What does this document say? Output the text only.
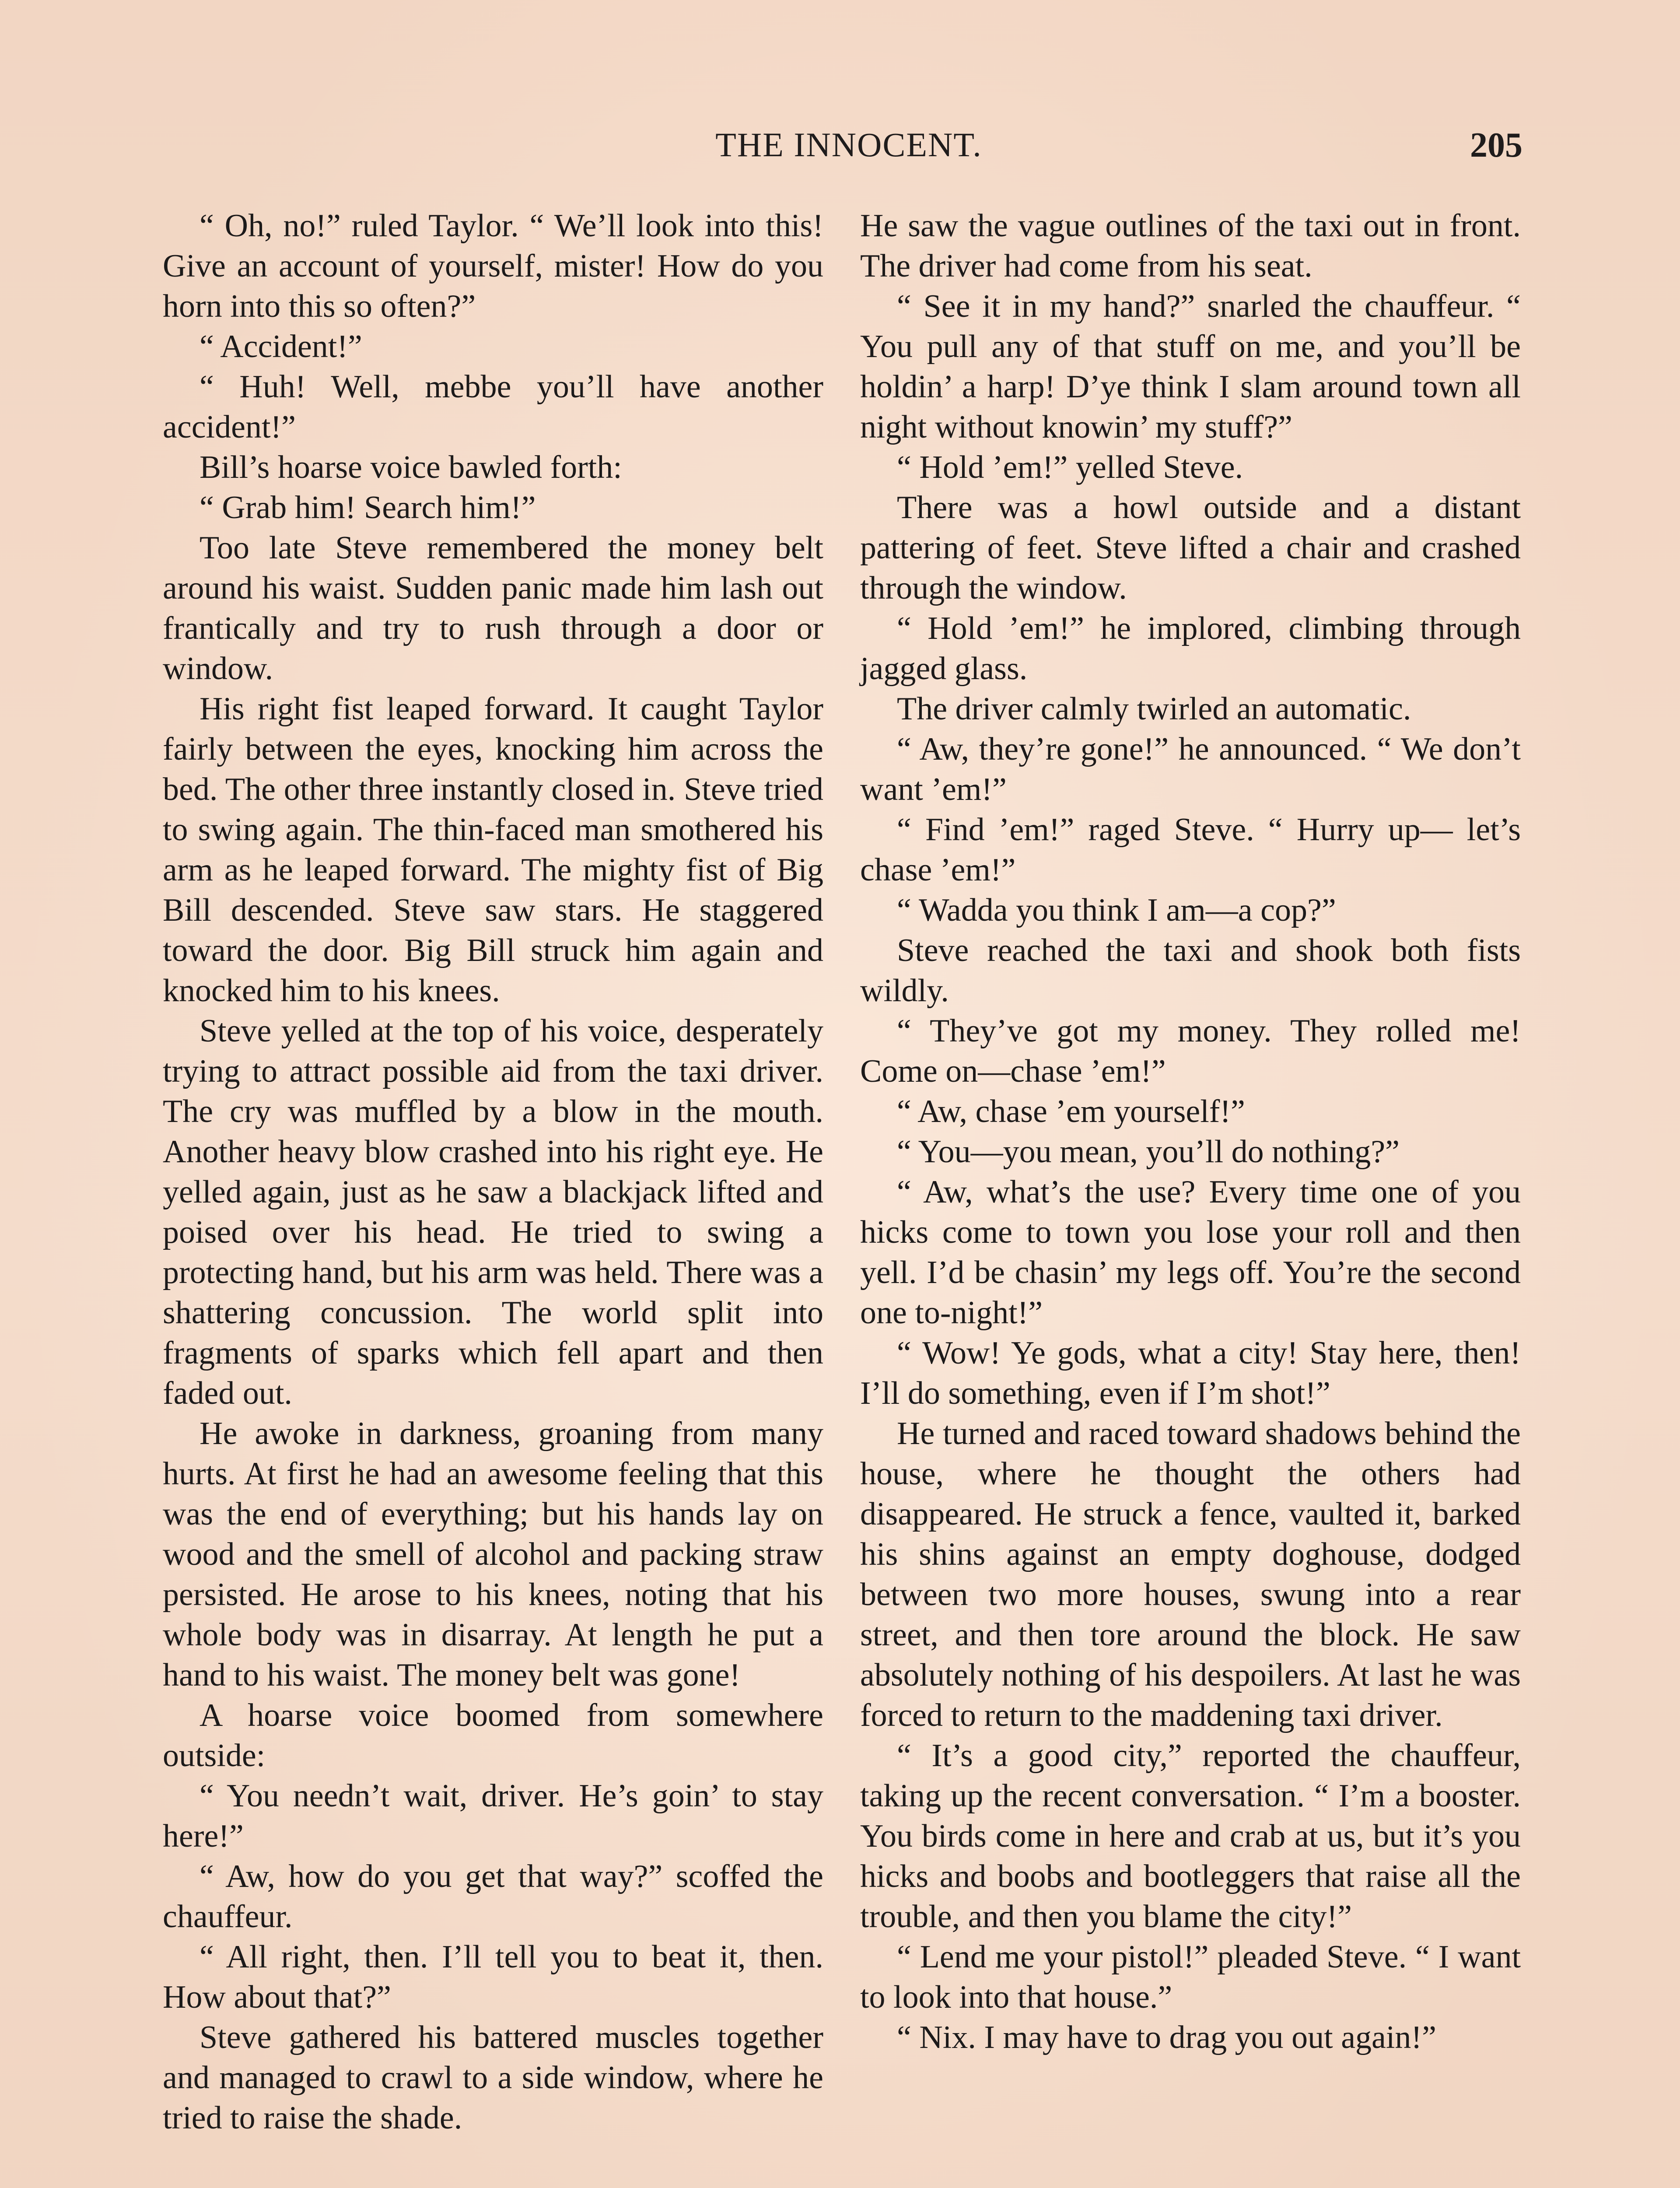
THE INNOCENT.	205

“ Oh, no!” ruled Taylor. “ We’ll look into this! Give an account of yourself, mister! How do you horn into this so often?”

“ Accident!”

“ Huh! Well, mebbe you’ll have another accident!”

Bill’s hoarse voice bawled forth:

“ Grab him! Search him!”

Too late Steve remembered the money belt around his waist. Sudden panic made him lash out frantically and try to rush through a door or window.

His right fist leaped forward. It caught Taylor fairly between the eyes, knocking him across the bed. The other three instantly closed in. Steve tried to swing again. The thin-faced man smothered his arm as he leaped forward. The mighty fist of Big Bill descended. Steve saw stars. He staggered toward the door. Big Bill struck him again and knocked him to his knees.

Steve yelled at the top of his voice, desperately trying to attract possible aid from the taxi driver. The cry was muffled by a blow in the mouth. Another heavy blow crashed into his right eye. He yelled again, just as he saw a blackjack lifted and poised over his head. He tried to swing a protecting hand, but his arm was held. There was a shattering concussion. The world split into fragments of sparks which fell apart and then faded out.

He awoke in darkness, groaning from many hurts. At first he had an awesome feeling that this was the end of everything; but his hands lay on wood and the smell of alcohol and packing straw persisted. He arose to his knees, noting that his whole body was in disarray. At length he put a hand to his waist. The money belt was gone!

A hoarse voice boomed from somewhere outside:

“ You needn’t wait, driver. He’s goin’ to stay here!”

“ Aw, how do you get that way?” scoffed the chauffeur.

“ All right, then. I’ll tell you to beat it, then. How about that?”

Steve gathered his battered muscles together and managed to crawl to a side window, where he tried to raise the shade.

He saw the vague outlines of the taxi out in front. The driver had come from his seat.

“ See it in my hand?” snarled the chauffeur. “ You pull any of that stuff on me, and you’ll be holdin’ a harp! D’ye think I slam around town all night without knowin’ my stuff?”

“ Hold ’em!” yelled Steve.

There was a howl outside and a distant pattering of feet. Steve lifted a chair and crashed through the window.

“ Hold ’em!” he implored, climbing through jagged glass.

The driver calmly twirled an automatic.

“ Aw, they’re gone!” he announced. “ We don’t want ’em!”

“ Find ’em!” raged Steve. “ Hurry up— let’s chase ’em!”

“ Wadda you think I am—a cop?”

Steve reached the taxi and shook both fists wildly.

“ They’ve got my money. They rolled me! Come on—chase ’em!”

“ Aw, chase ’em yourself!”

“ You—you mean, you’ll do nothing?”

“ Aw, what’s the use? Every time one of you hicks come to town you lose your roll and then yell. I’d be chasin’ my legs off. You’re the second one to-night!”

“ Wow! Ye gods, what a city! Stay here, then! I’ll do something, even if I’m shot!”

He turned and raced toward shadows behind the house, where he thought the others had disappeared. He struck a fence, vaulted it, barked his shins against an empty doghouse, dodged between two more houses, swung into a rear street, and then tore around the block. He saw absolutely nothing of his despoilers. At last he was forced to return to the maddening taxi driver.

“ It’s a good city,” reported the chauffeur, taking up the recent conversation. “ I’m a booster. You birds come in here and crab at us, but it’s you hicks and boobs and bootleggers that raise all the trouble, and then you blame the city!”

“ Lend me your pistol!” pleaded Steve. “ I want to look into that house.”

“ Nix. I may have to drag you out again!”
